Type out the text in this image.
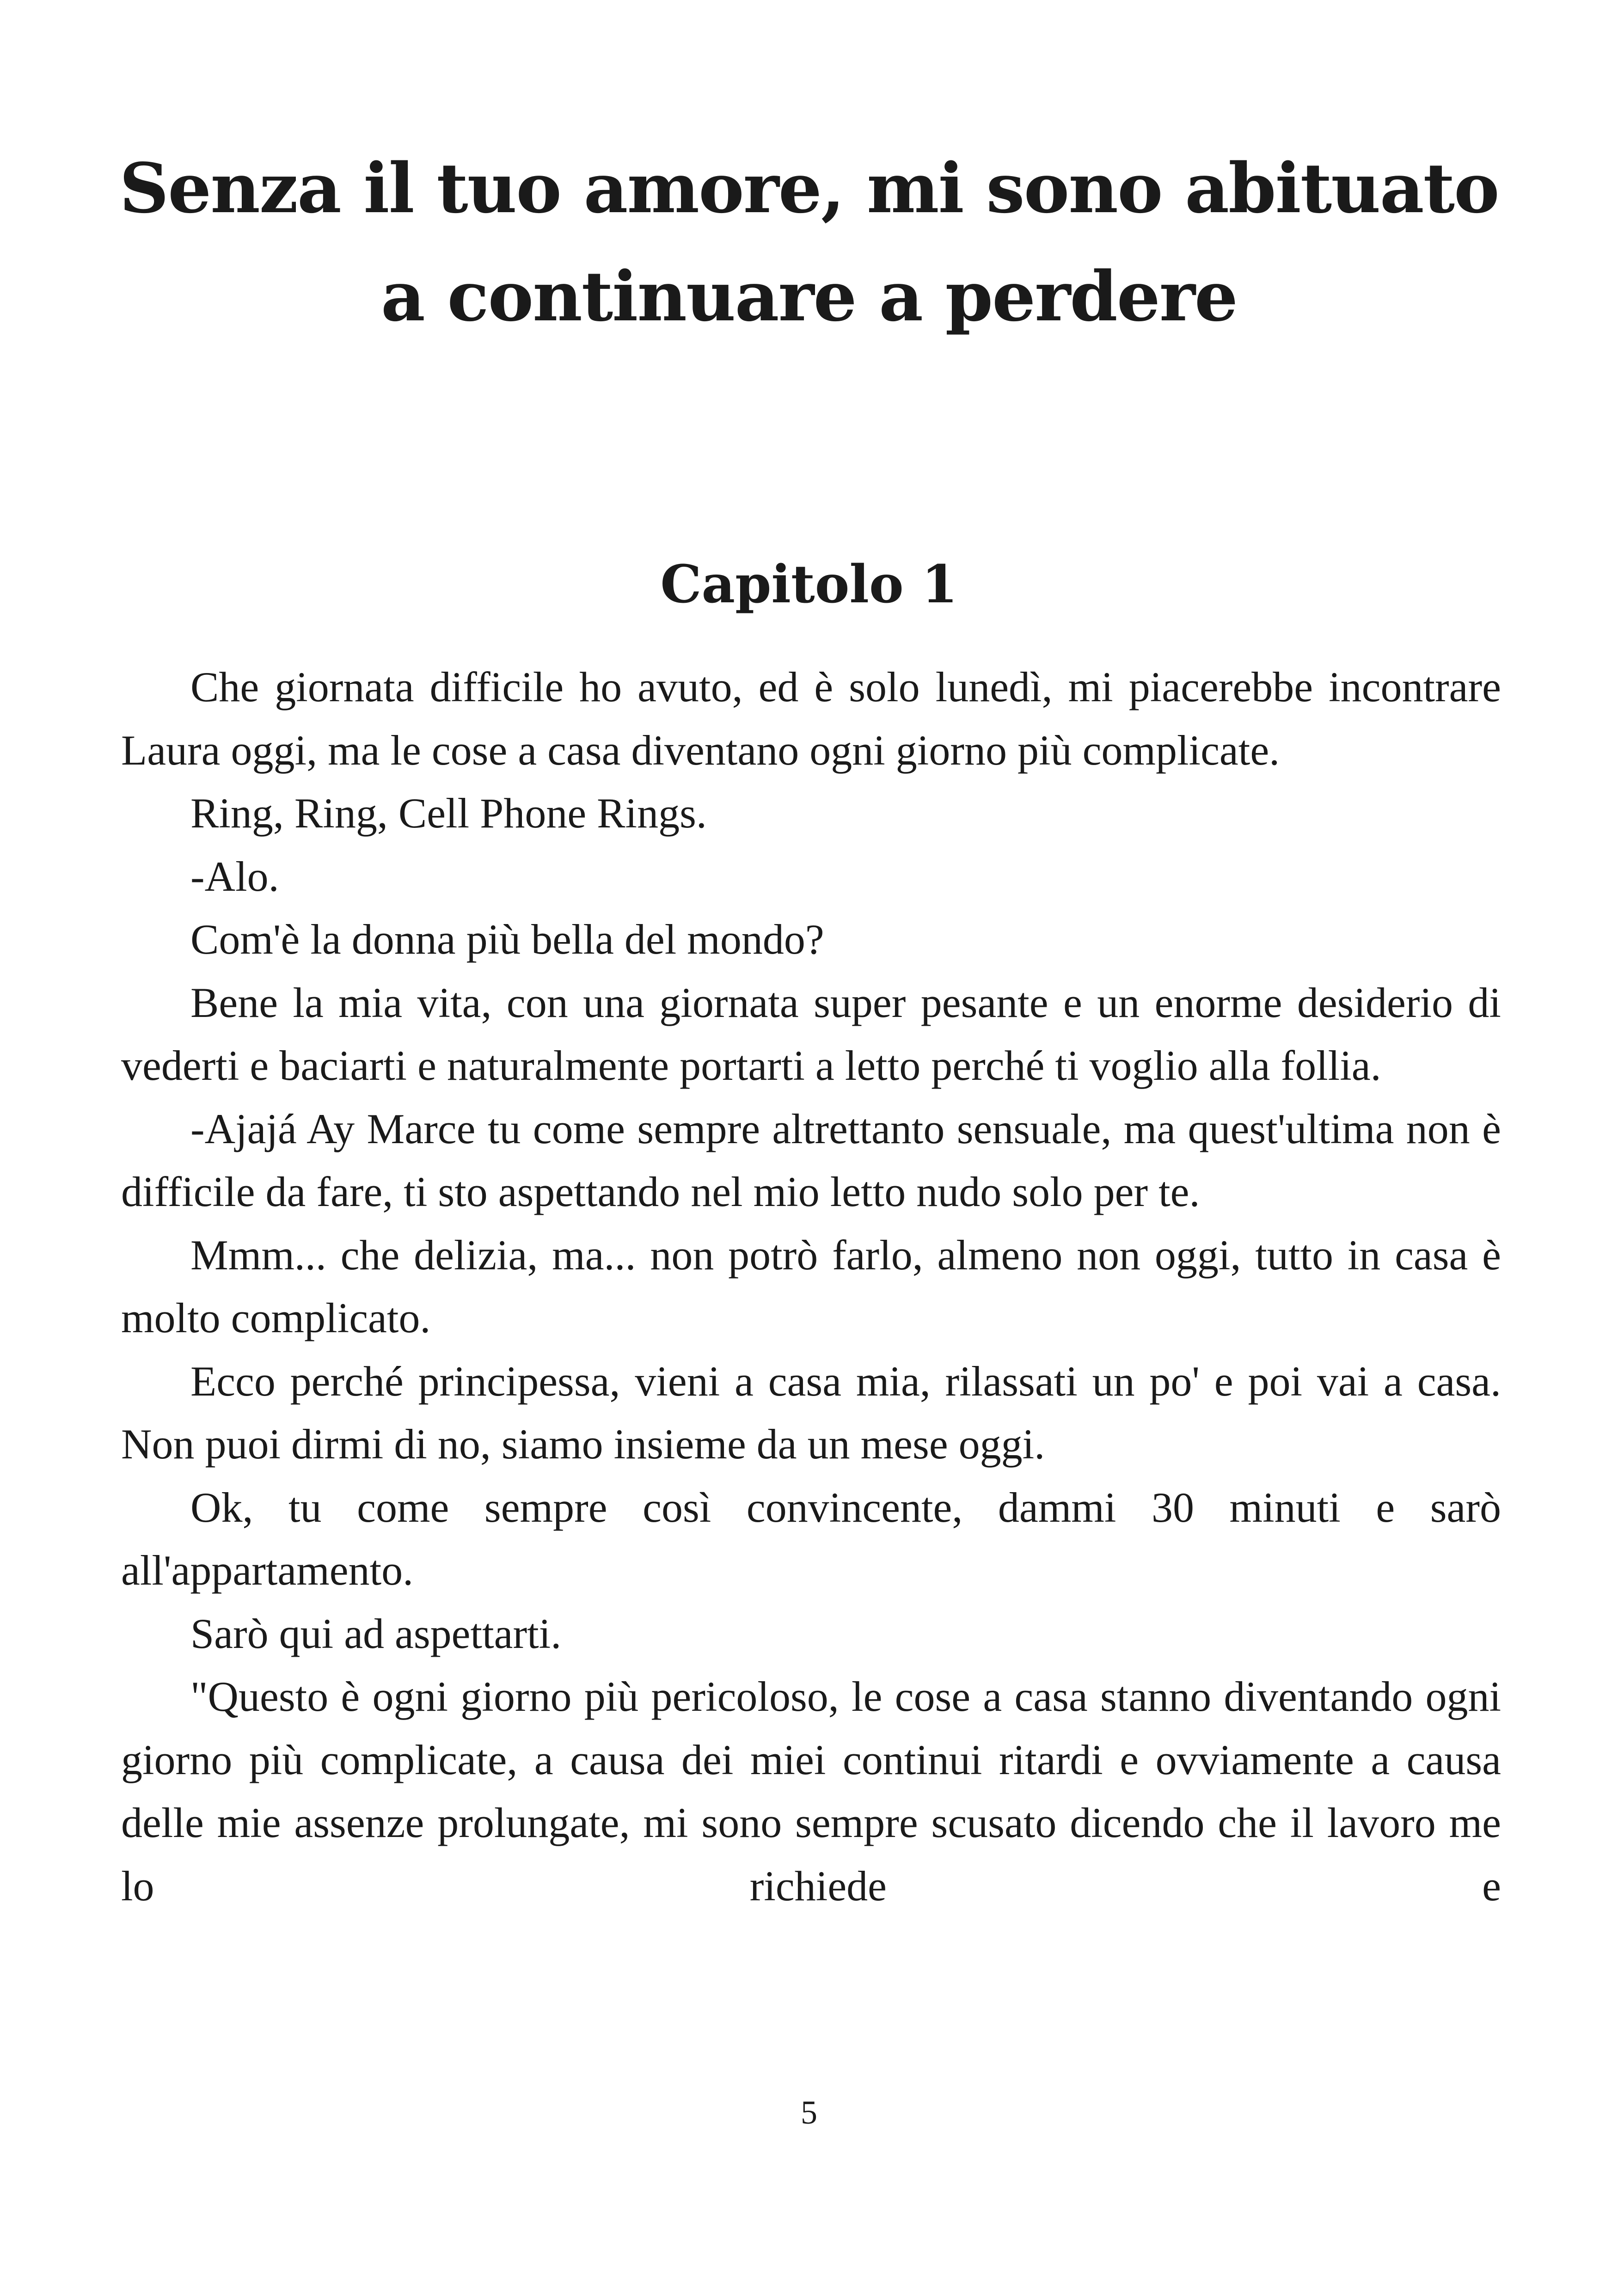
Senza il tuo amore, mi sono abituato a continuare a perdere
Capitolo 1

Che giornata difficile ho avuto, ed è solo lunedì, mi piacerebbe incontrare Laura oggi, ma le cose a casa diventano ogni giorno più complicate.

Ring, Ring, Cell Phone Rings.

-Alo.

Com'è la donna più bella del mondo?

Bene la mia vita, con una giornata super pesante e un enorme desiderio di vederti e baciarti e naturalmente portarti a letto perché ti voglio alla follia.

-Ajajá Ay Marce tu come sempre altrettanto sensuale, ma quest'ultima non è difficile da fare, ti sto aspettando nel mio letto nudo solo per te.

Mmm... che delizia, ma... non potrò farlo, almeno non oggi, tutto in casa è molto complicato.

Ecco perché principessa, vieni a casa mia, rilassati un po' e poi vai a casa. Non puoi dirmi di no, siamo insieme da un mese oggi.

Ok, tu come sempre così convincente, dammi 30 minuti e sarò all'appartamento.

Sarò qui ad aspettarti.

"Questo è ogni giorno più pericoloso, le cose a casa stanno diventando ogni giorno più complicate, a causa dei miei continui ritardi e ovviamente a causa delle mie assenze prolungate, mi sono sempre scusato dicendo che il lavoro me lo richiede e

5
